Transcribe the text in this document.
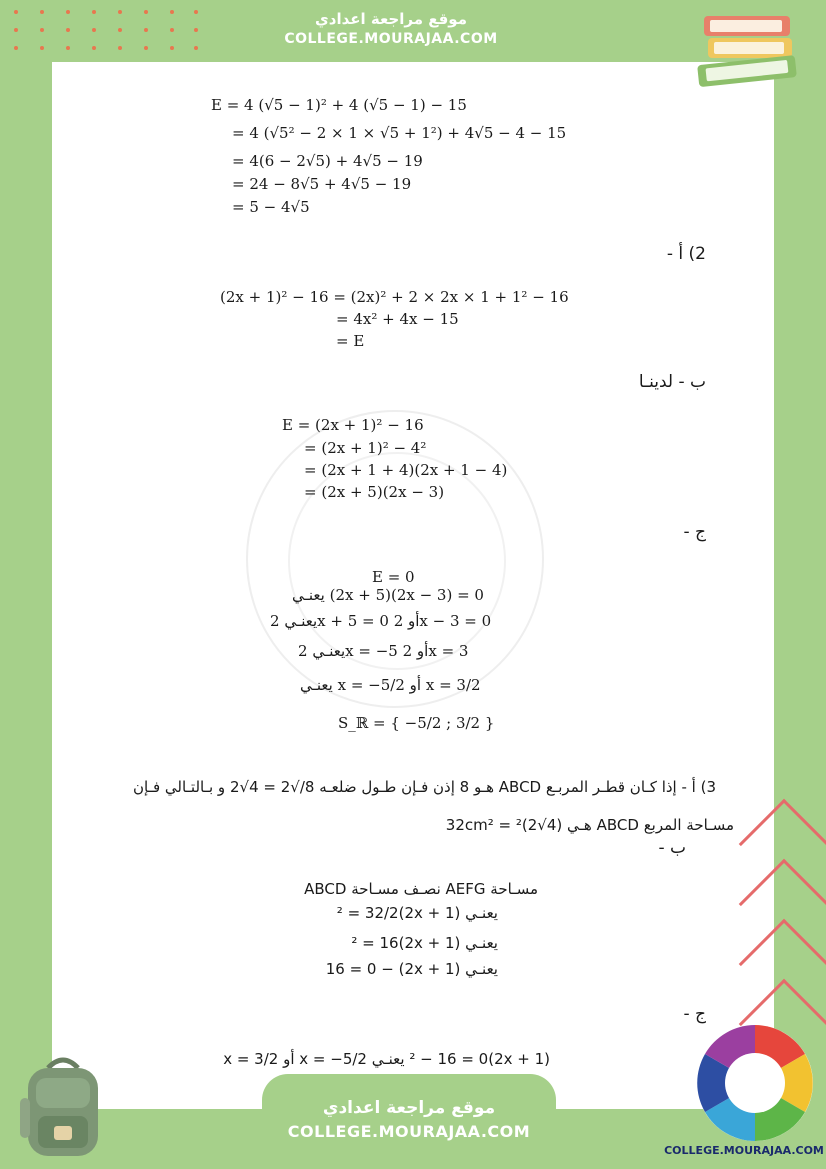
موقع مراجعة اعدادي
COLLEGE.MOURAJAA.COM
E = 4 (√5 − 1)² + 4 (√5 − 1) − 15
= 4 (√5² − 2 × 1 × √5 + 1²) + 4√5 − 4 − 15
= 4(6 − 2√5) + 4√5 − 19
= 24 − 8√5 + 4√5 − 19
= 5 − 4√5
2) أ -
(2x + 1)² − 16 = (2x)² + 2 × 2x × 1 + 1² − 16
= 4x² + 4x − 15
= E
ب - لدينـا
E = (2x + 1)² − 16
= (2x + 1)² − 4²
= (2x + 1 + 4)(2x + 1 − 4)
= (2x + 5)(2x − 3)
ج -
E = 0
يعنـي (2x + 5)(2x − 3) = 0
يعنـي 2x + 5 = 0 أو 2x − 3 = 0
يعنـي 2x = −5 أو 2x = 3
يعنـي x = −5/2 أو x = 3/2
S_ℝ = { −5/2 ; 3/2 }
3) أ - إذا كـان قطـر المربـع ABCD هـو 8 إذن فـإن طـول ضلعـه 8/√2 = 4√2 و بـالتـالي فـإن
مسـاحة المربع ABCD هـي (4√2)² = 32cm²
ب -
مسـاحة AEFG نصـف مسـاحة ABCD
يعنـي (2x + 1)² = 32/2
يعنـي (2x + 1)² = 16
يعنـي (2x + 1) − 16 = 0
ج -
(2x + 1)² − 16 = 0 يعنـي x = −5/2 أو x = 3/2
موقع مراجعة اعدادي
COLLEGE.MOURAJAA.COM
COLLEGE.MOURAJAA.COM
